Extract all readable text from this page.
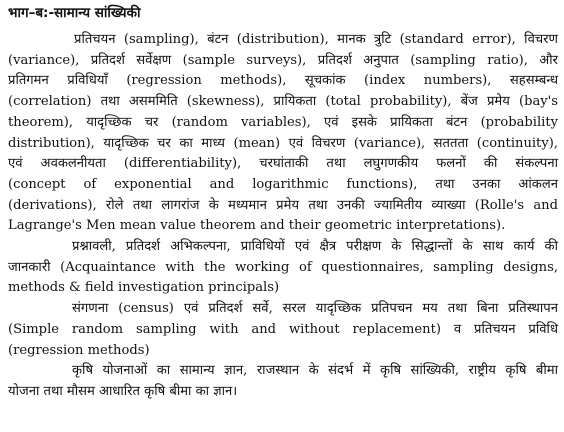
भाग–ब:-सामान्य सांख्यिकी
प्रतिचयन (sampling), बंटन (distribution), मानक त्रुटि (standard error), विचरण
(variance), प्रतिदर्श सर्वेक्षण (sample surveys), प्रतिदर्श अनुपात (sampling ratio), और
प्रतिगमन प्रविधियाँ (regression methods), सूचकांक (index numbers), सहसम्बन्ध
(correlation) तथा असममिति (skewness), प्रायिकता (total probability), बेंज प्रमेय (bay's
theorem), यादृच्छिक चर (random variables), एवं इसके प्रायिकता बंटन (probability
distribution), यादृच्छिक चर का माध्य (mean) एवं विचरण (variance), सततता (continuity),
एवं अवकलनीयता (differentiability), चरघांताकी तथा लघुगणकीय फलनों की संकल्पना
(concept of exponential and logarithmic functions), तथा उनका आंकलन
(derivations), रोले तथा लागरांज के मध्यमान प्रमेय तथा उनकी ज्यामितीय व्याख्या (Rolle's and
Lagrange's Men mean value theorem and their geometric interpretations).
प्रश्नावली, प्रतिदर्श अभिकल्पना, प्राविधियों एवं क्षैत्र परीक्षण के सिद्धान्तों के साथ कार्य की
जानकारी (Acquaintance with the working of questionnaires, sampling designs,
methods & field investigation principals)
संगणना (census) एवं प्रतिदर्श सर्वे, सरल यादृच्छिक प्रतिपचन मय तथा बिना प्रतिस्थापन
(Simple random sampling with and without replacement) व प्रतिचयन प्रविधि
(regression methods)
कृषि योजनाओं का सामान्य ज्ञान, राजस्थान के संदर्भ में कृषि सांख्यिकी, राष्ट्रीय कृषि बीमा
योजना तथा मौसम आधारित कृषि बीमा का ज्ञान।
